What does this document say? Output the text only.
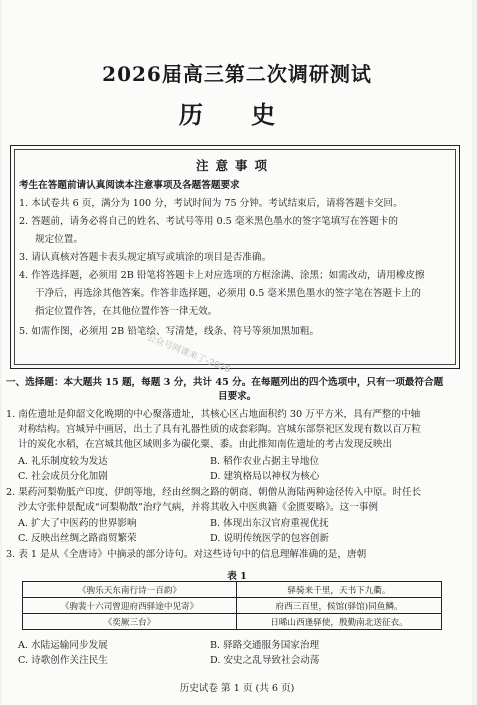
2026届高三第二次调研测试
历 史
注意事项
考生在答题前请认真阅读本注意事项及各题答题要求
1. 本试卷共 6 页，满分为 100 分，考试时间为 75 分钟。考试结束后，请将答题卡交回。
2. 答题前，请务必将自己的姓名、考试号等用 0.5 毫米黑色墨水的签字笔填写在答题卡的
规定位置。
3. 请认真核对答题卡表头规定填写或填涂的项目是否准确。
4. 作答选择题，必须用 2B 铅笔将答题卡上对应选项的方框涂满、涂黑；如需改动，请用橡皮擦
干净后，再选涂其他答案。作答非选择题，必须用 0.5 毫米黑色墨水的签字笔在答题卡上的
指定位置作答，在其他位置作答一律无效。
5. 如需作图，必须用 2B 铅笔绘、写清楚，线条、符号等须加黑加粗。
公众号网课来了-2026
一、选择题：本大题共 15 题，每题 3 分，共计 45 分。在每题列出的四个选项中，只有一项最符合题
目要求。
1. 南佐遗址是仰韶文化晚期的中心聚落遗址，其核心区占地面积约 30 万平方米，具有严整的中轴
对称结构。宫城异中画居，出土了具有礼器性质的成套彩陶。宫城东部祭祀区发现有数以百万粒
计的炭化水稻，在宫城其他区域则多为碳化粟、黍。由此推知南佐遗址的考古发现反映出
A. 礼乐制度较为发达	B. 稻作农业占据主导地位
C. 社会成员分化加剧	D. 建筑格局以神权为核心
2. 果药河梨勒胝产印度、伊朗等地，经由丝绸之路的朝商、朝僧从海陆两种途径传入中原。时任长
沙太守张仲景配成“诃梨勒散”治疗气病，并将其收入中医典籍《金匮要略》。这一事例
A. 扩大了中医药的世界影响	B. 体现出东汉官府重视优抚
C. 反映出丝绸之路商贸繁荣	D. 说明传统医学的包容创新
3. 表 1 是从《全唐诗》中摘录的部分诗句。对这些诗句中的信息理解准确的是，唐朝
表 1
《驹乐天东南行诗一百韵》	驿骑来千里，天书下九衢。
《驹裴十六司曾迎府西驿途中见寄》	府西三百里，候馆(驿馆)同鱼鳞。
《奕厥三台》	日晞山西逢驿使，殷勤南北送征衣。
A. 水陆运输同步发展	B. 驿路交通服务国家治理
C. 诗歌创作关注民生	D. 安史之乱导致社会动荡
历史试卷 第 1 页 (共 6 页)
